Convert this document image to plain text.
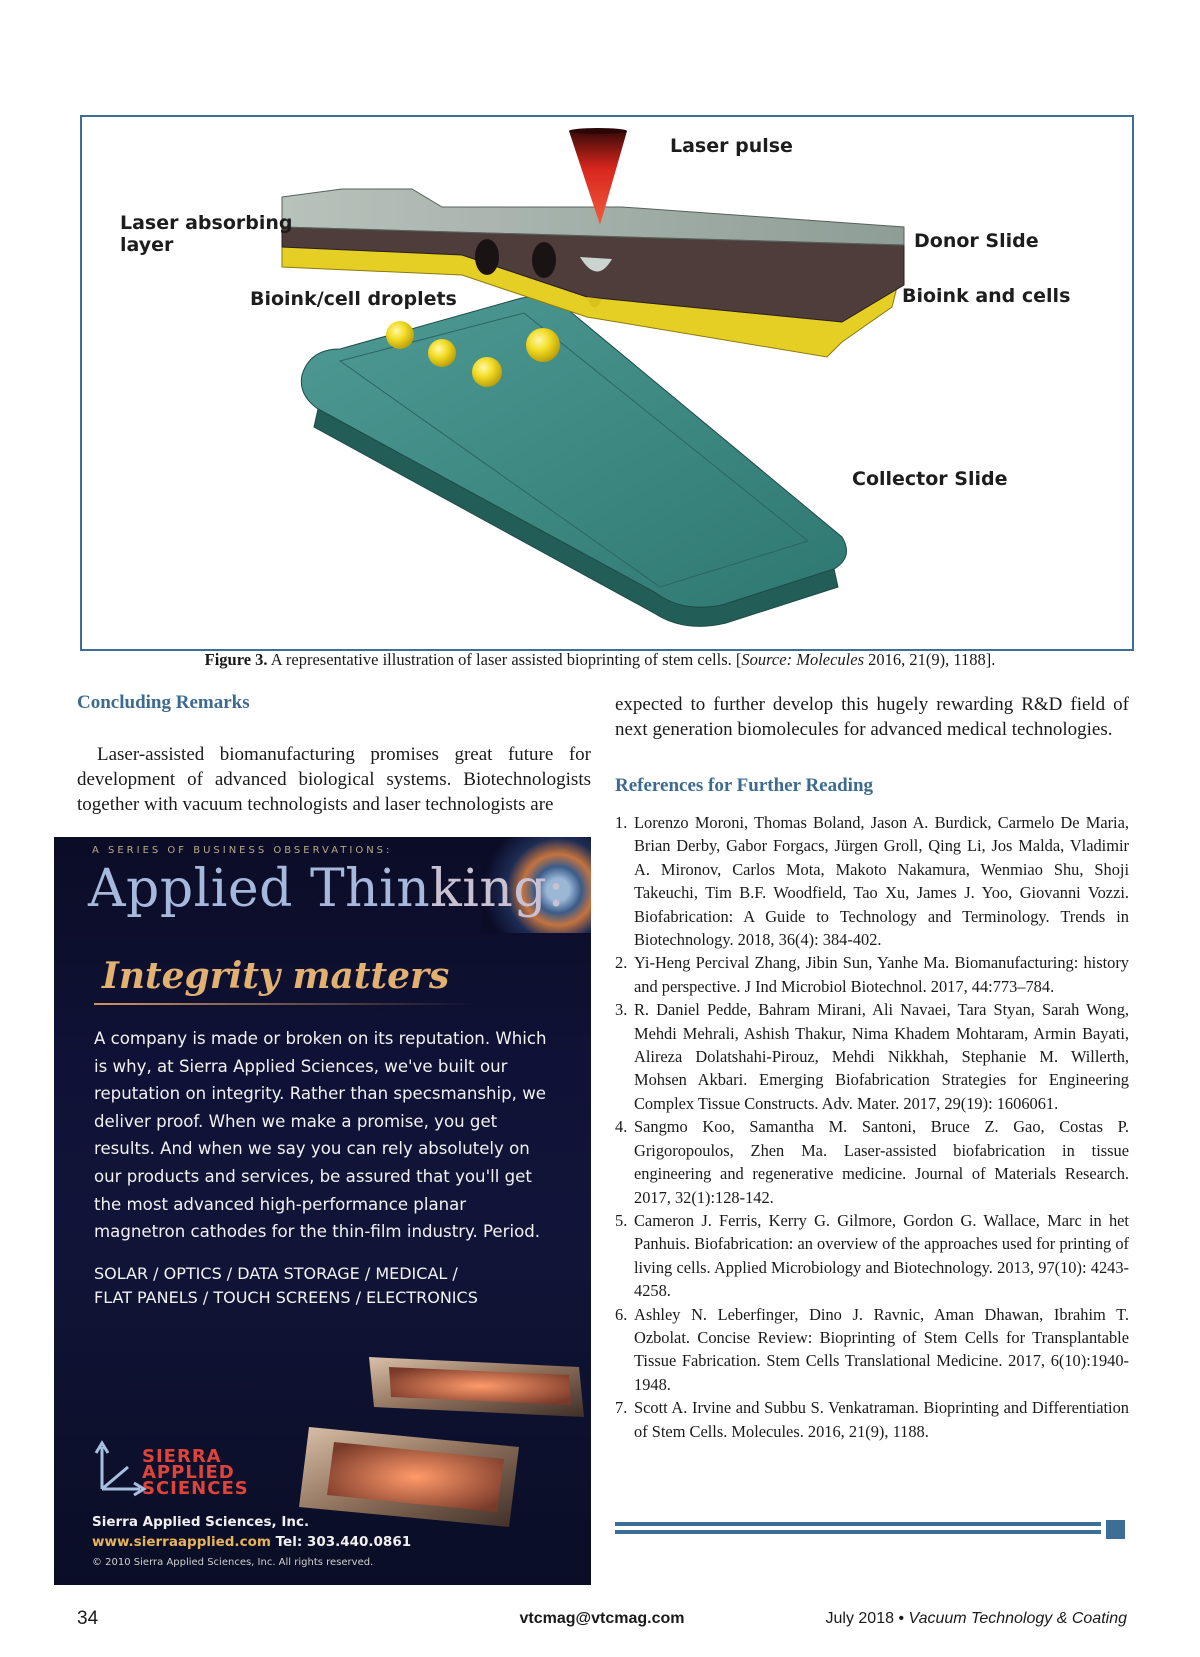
Laser pulse
Laser absorbing
layer	Donor Slide
Bioink/cell droplets	Bioink and cells
Collector Slide
Figure 3. A representative illustration of laser assisted bioprinting of stem cells. [Source: Molecules 2016, 21(9), 1188].
Concluding Remarks

Laser-assisted biomanufacturing promises great future for development of advanced biological systems. Biotechnologists together with vacuum technologists and laser technologists are

A SERIES OF BUSINESS OBSERVATIONS:
Applied Thinking:
Integrity matters
A company is made or broken on its reputation. Which is why, at Sierra Applied Sciences, we've built our reputation on integrity. Rather than specsmanship, we deliver proof. When we make a promise, you get results. And when we say you can rely absolutely on our products and services, be assured that you'll get the most advanced high-performance planar magnetron cathodes for the thin-film industry. Period.
SOLAR / OPTICS / DATA STORAGE / MEDICAL /
FLAT PANELS / TOUCH SCREENS / ELECTRONICS
SIERRA
APPLIED
SCIENCES
Sierra Applied Sciences, Inc.
www.sierraapplied.com Tel: 303.440.0861
© 2010 Sierra Applied Sciences, Inc. All rights reserved.

expected to further develop this hugely rewarding R&D field of next generation biomolecules for advanced medical technologies.

References for Further Reading
1. Lorenzo Moroni, Thomas Boland, Jason A. Burdick, Carmelo De Maria, Brian Derby, Gabor Forgacs, Jürgen Groll, Qing Li, Jos Malda, Vladimir A. Mironov, Carlos Mota, Makoto Nakamura, Wenmiao Shu, Shoji Takeuchi, Tim B.F. Woodfield, Tao Xu, James J. Yoo, Giovanni Vozzi. Biofabrication: A Guide to Technology and Terminology. Trends in Biotechnology. 2018, 36(4): 384-402.
2. Yi-Heng Percival Zhang, Jibin Sun, Yanhe Ma. Biomanufacturing: history and perspective. J Ind Microbiol Biotechnol. 2017, 44:773–784.
3. R. Daniel Pedde, Bahram Mirani, Ali Navaei, Tara Styan, Sarah Wong, Mehdi Mehrali, Ashish Thakur, Nima Khadem Mohtaram, Armin Bayati, Alireza Dolatshahi-Pirouz, Mehdi Nikkhah, Stephanie M. Willerth, Mohsen Akbari. Emerging Biofabrication Strategies for Engineering Complex Tissue Constructs. Adv. Mater. 2017, 29(19): 1606061.
4. Sangmo Koo, Samantha M. Santoni, Bruce Z. Gao, Costas P. Grigoropoulos, Zhen Ma. Laser-assisted biofabrication in tissue engineering and regenerative medicine. Journal of Materials Research. 2017, 32(1):128-142.
5. Cameron J. Ferris, Kerry G. Gilmore, Gordon G. Wallace, Marc in het Panhuis. Biofabrication: an overview of the approaches used for printing of living cells. Applied Microbiology and Biotechnology. 2013, 97(10): 4243-4258.
6. Ashley N. Leberfinger, Dino J. Ravnic, Aman Dhawan, Ibrahim T. Ozbolat. Concise Review: Bioprinting of Stem Cells for Transplantable Tissue Fabrication. Stem Cells Translational Medicine. 2017, 6(10):1940-1948.
7. Scott A. Irvine and Subbu S. Venkatraman. Bioprinting and Differentiation of Stem Cells. Molecules. 2016, 21(9), 1188.
34	vtcmag@vtcmag.com	July 2018 • Vacuum Technology & Coating
